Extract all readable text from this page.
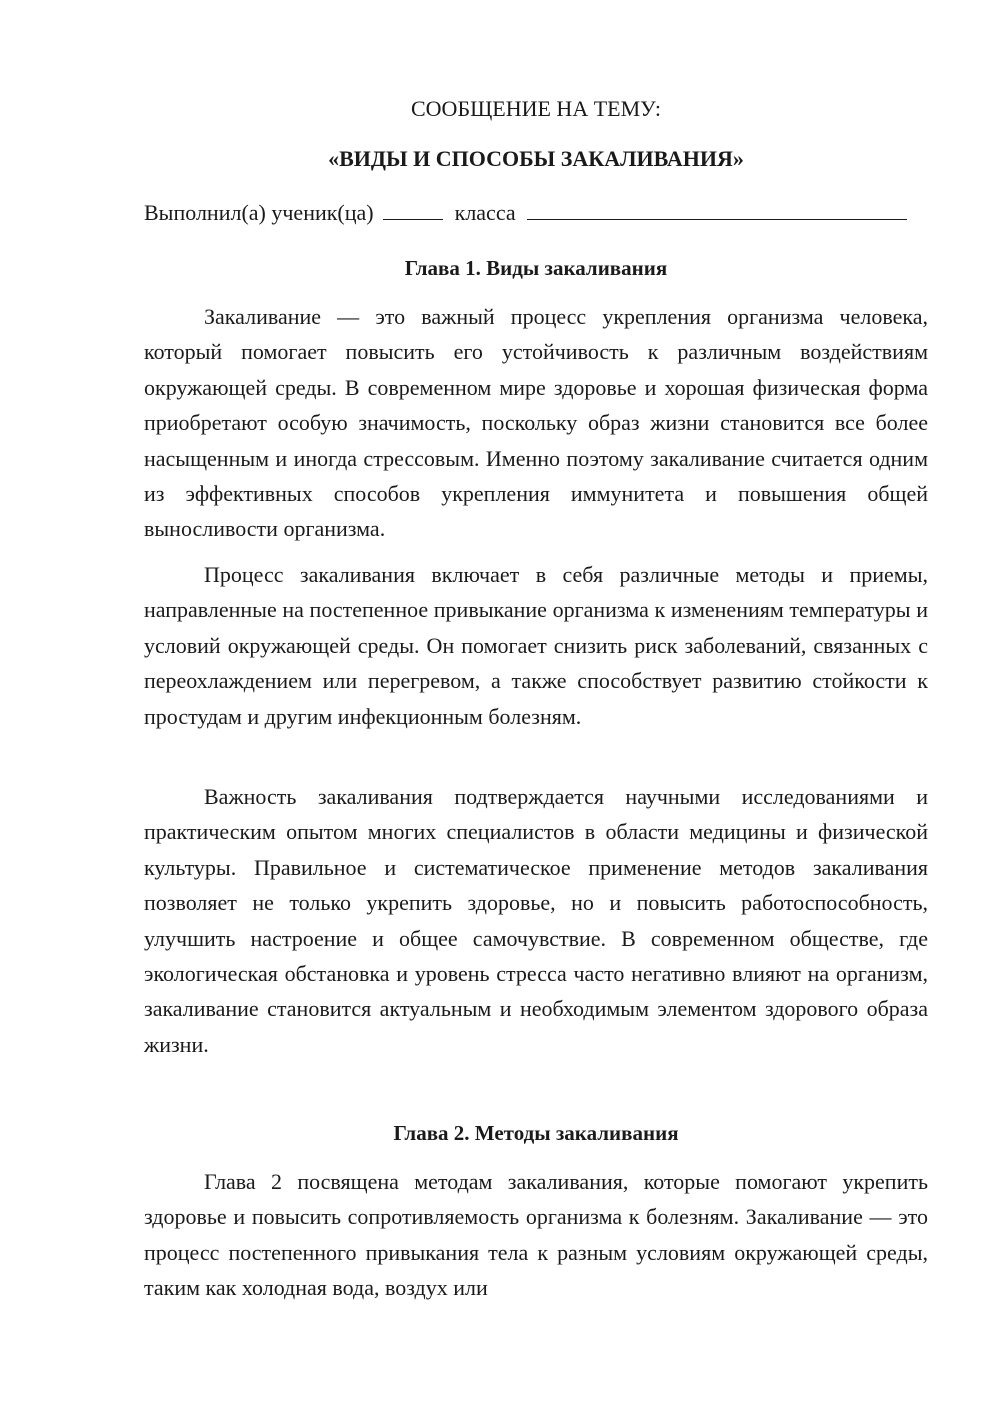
СООБЩЕНИЕ НА ТЕМУ:
«ВИДЫ И СПОСОБЫ ЗАКАЛИВАНИЯ»
Выполнил(а) ученик(ца)	класса
Глава 1. Виды закаливания

Закаливание — это важный процесс укрепления организма человека, который помогает повысить его устойчивость к различным воздействиям окружающей среды. В современном мире здоровье и хорошая физическая форма приобретают особую значимость, поскольку образ жизни становится все более насыщенным и иногда стрессовым. Именно поэтому закаливание считается одним из эффективных способов укрепления иммунитета и повышения общей выносливости организма.

Процесс закаливания включает в себя различные методы и приемы, направленные на постепенное привыкание организма к изменениям температуры и условий окружающей среды. Он помогает снизить риск заболеваний, связанных с переохлаждением или перегревом, а также способствует развитию стойкости к простудам и другим инфекционным болезням.

Важность закаливания подтверждается научными исследованиями и практическим опытом многих специалистов в области медицины и физической культуры. Правильное и систематическое применение методов закаливания позволяет не только укрепить здоровье, но и повысить работоспособность, улучшить настроение и общее самочувствие. В современном обществе, где экологическая обстановка и уровень стресса часто негативно влияют на организм, закаливание становится актуальным и необходимым элементом здорового образа жизни.

Глава 2. Методы закаливания

Глава 2 посвящена методам закаливания, которые помогают укрепить здоровье и повысить сопротивляемость организма к болезням. Закаливание — это процесс постепенного привыкания тела к разным условиям окружающей среды, таким как холодная вода, воздух или
